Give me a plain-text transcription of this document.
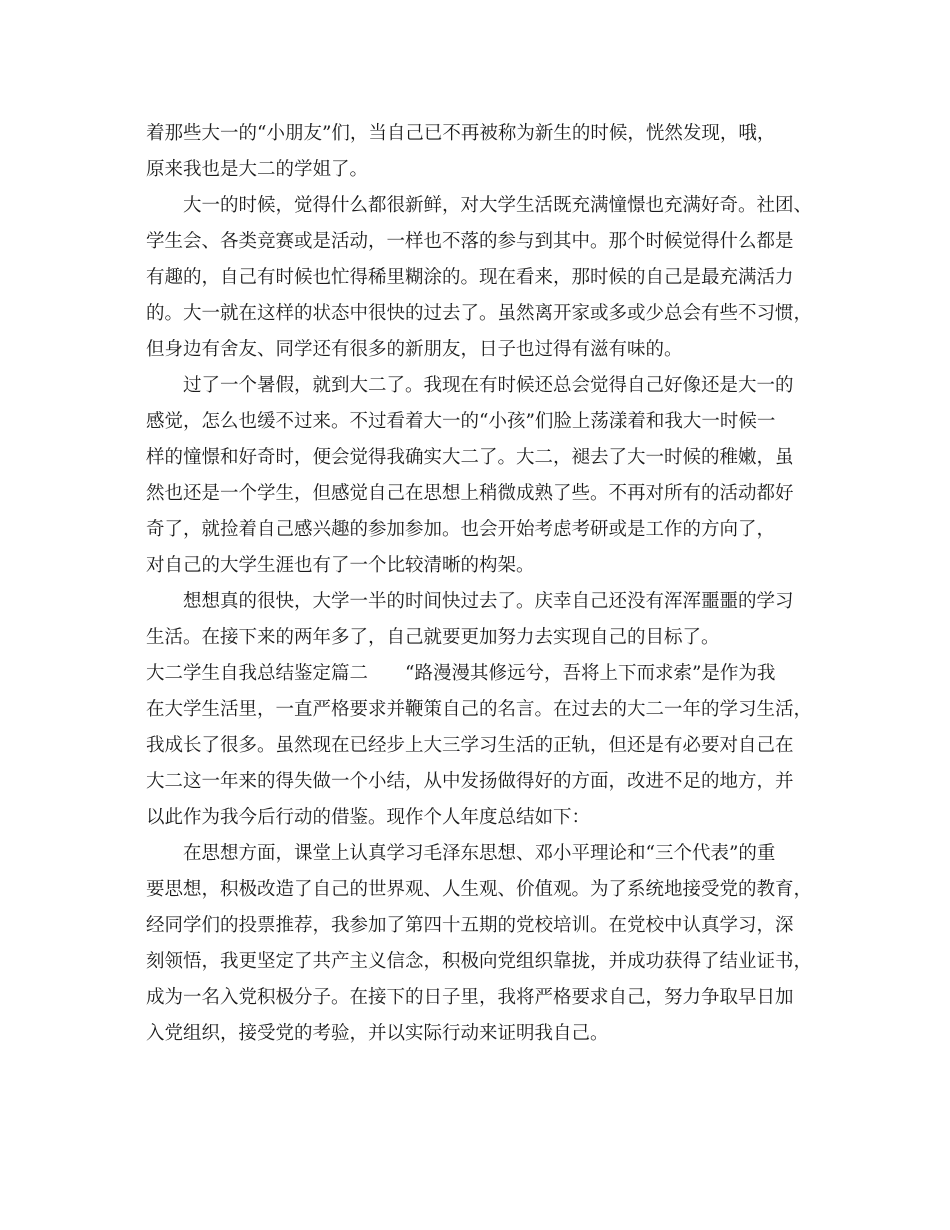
着那些大一的“小朋友”们，当自己已不再被称为新生的时候，恍然发现，哦，
原来我也是大二的学姐了。
大一的时候，觉得什么都很新鲜，对大学生活既充满憧憬也充满好奇。社团、
学生会、各类竞赛或是活动，一样也不落的参与到其中。那个时候觉得什么都是
有趣的，自己有时候也忙得稀里糊涂的。现在看来，那时候的自己是最充满活力
的。大一就在这样的状态中很快的过去了。虽然离开家或多或少总会有些不习惯，
但身边有舍友、同学还有很多的新朋友，日子也过得有滋有味的。
过了一个暑假，就到大二了。我现在有时候还总会觉得自己好像还是大一的
感觉，怎么也缓不过来。不过看着大一的“小孩”们脸上荡漾着和我大一时候一
样的憧憬和好奇时，便会觉得我确实大二了。大二，褪去了大一时候的稚嫩，虽
然也还是一个学生，但感觉自己在思想上稍微成熟了些。不再对所有的活动都好
奇了，就捡着自己感兴趣的参加参加。也会开始考虑考研或是工作的方向了，
对自己的大学生涯也有了一个比较清晰的构架。
想想真的很快，大学一半的时间快过去了。庆幸自己还没有浑浑噩噩的学习
生活。在接下来的两年多了，自己就要更加努力去实现自己的目标了。
大二学生自我总结鉴定篇二　　“路漫漫其修远兮，吾将上下而求索”是作为我
在大学生活里，一直严格要求并鞭策自己的名言。在过去的大二一年的学习生活，
我成长了很多。虽然现在已经步上大三学习生活的正轨，但还是有必要对自己在
大二这一年来的得失做一个小结，从中发扬做得好的方面，改进不足的地方，并
以此作为我今后行动的借鉴。现作个人年度总结如下：
在思想方面，课堂上认真学习毛泽东思想、邓小平理论和“三个代表”的重
要思想，积极改造了自己的世界观、人生观、价值观。为了系统地接受党的教育，
经同学们的投票推荐，我参加了第四十五期的党校培训。在党校中认真学习，深
刻领悟，我更坚定了共产主义信念，积极向党组织靠拢，并成功获得了结业证书，
成为一名入党积极分子。在接下的日子里，我将严格要求自己，努力争取早日加
入党组织，接受党的考验，并以实际行动来证明我自己。
